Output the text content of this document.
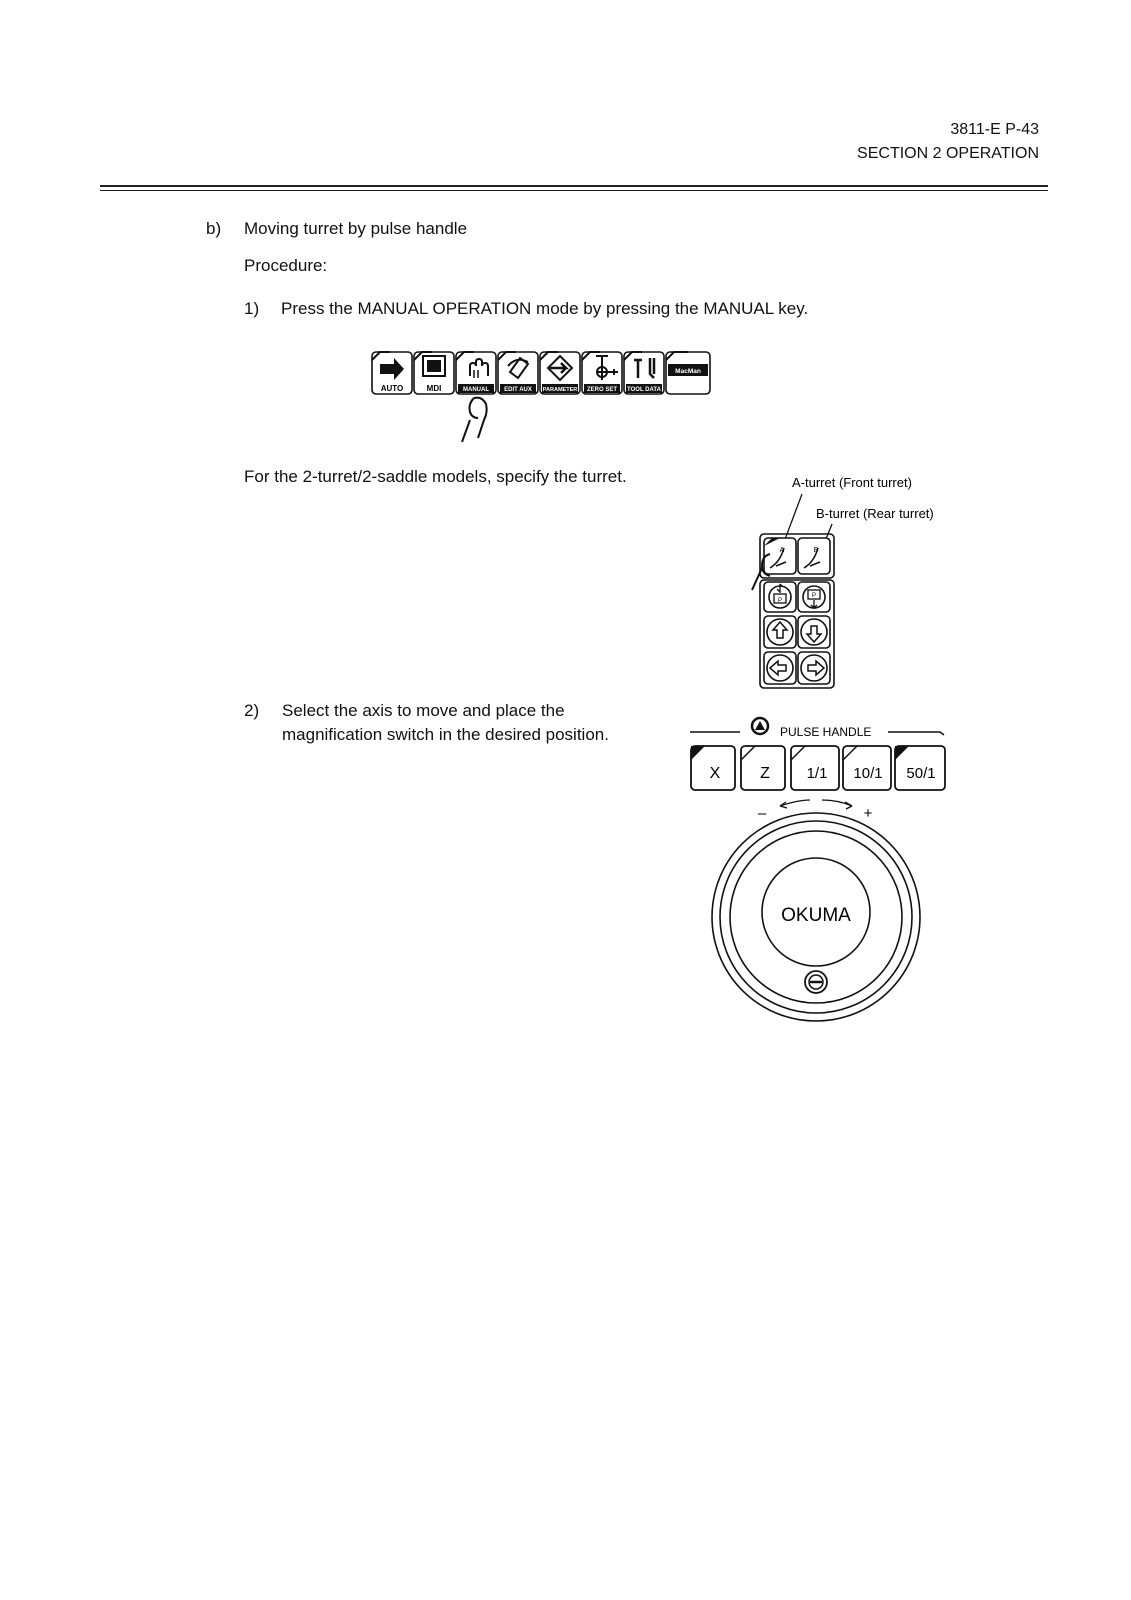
3811-E P-43
SECTION 2 OPERATION
b) Moving turret by pulse handle
Procedure:
1) Press the MANUAL OPERATION mode by pressing the MANUAL key.
AUTO	MDI	MANUAL	EDIT AUX PARAMETER ZERO SET TOOL DATA
MacMan
For the 2-turret/2-saddle models, specify the turret.	A-turret (Front turret)
B-turret (Rear turret)
A	B
P
P
2) Select the axis to move and place the
magnification switch in the desired position.	PULSE HANDLE
X Z 1/1 10/1 50/1
–	+
OKUMA
